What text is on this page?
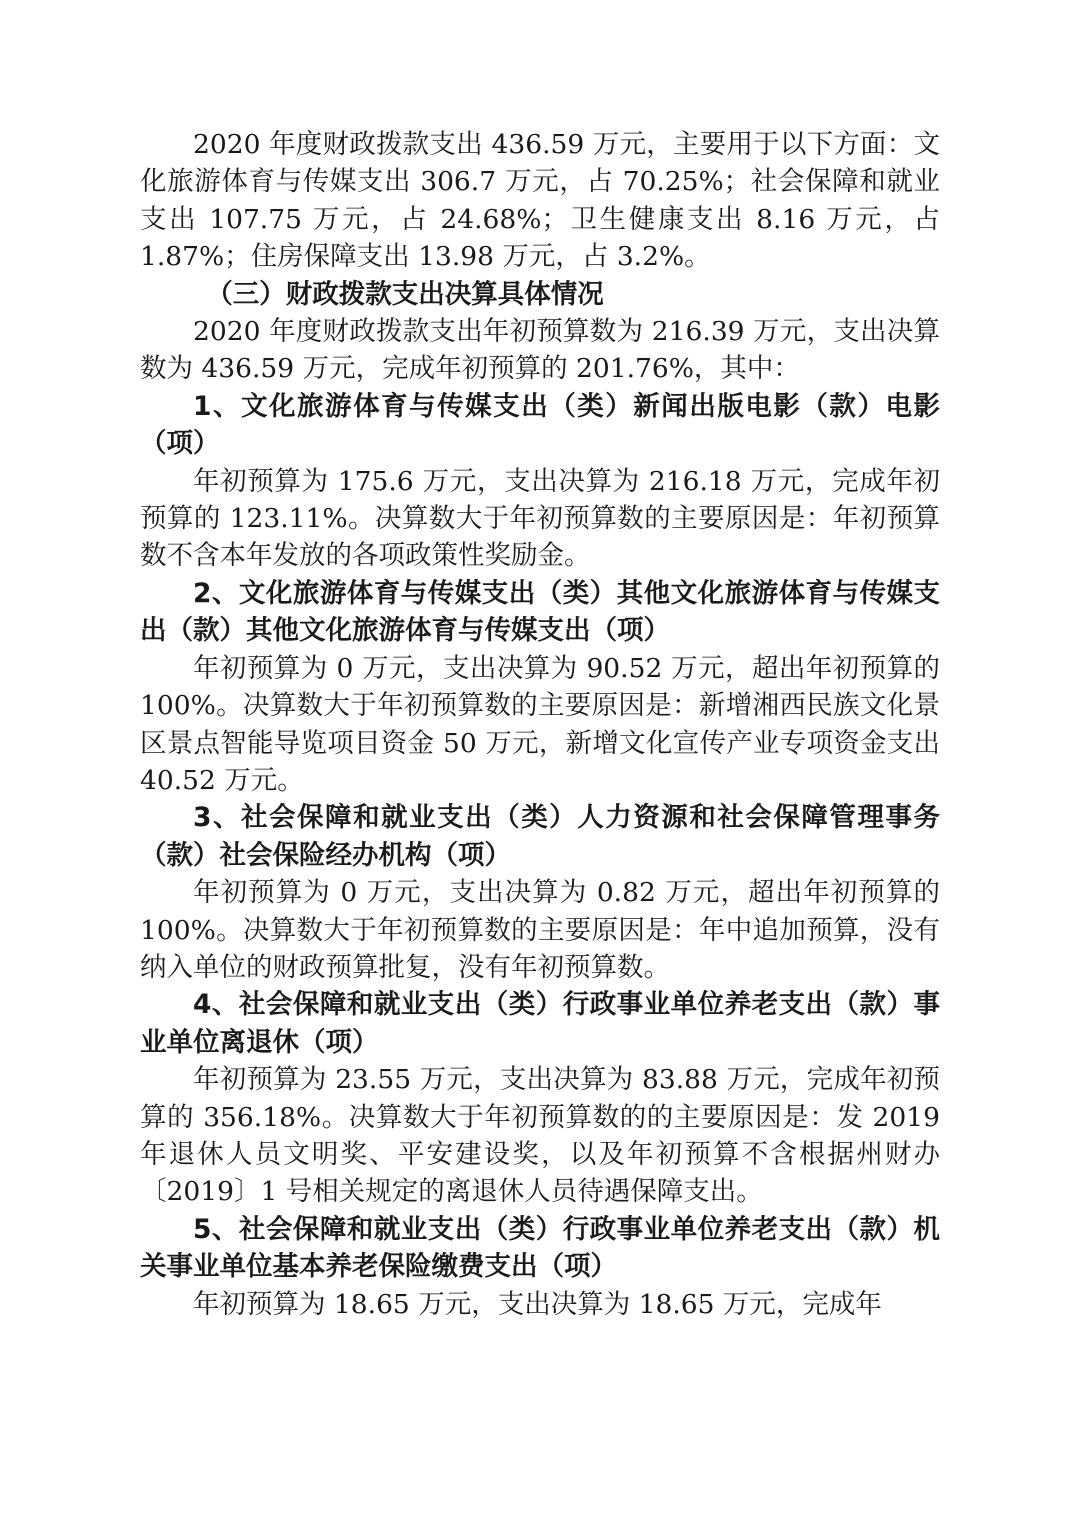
2020 年度财政拨款支出 436.59 万元，主要用于以下方面：文化旅游体育与传媒支出 306.7 万元，占 70.25%；社会保障和就业支出 107.75 万元，占 24.68%；卫生健康支出 8.16 万元，占 1.87%；住房保障支出 13.98 万元，占 3.2%。

（三）财政拨款支出决算具体情况

2020 年度财政拨款支出年初预算数为 216.39 万元，支出决算数为 436.59 万元，完成年初预算的 201.76%，其中：

1、文化旅游体育与传媒支出（类）新闻出版电影（款）电影（项）

年初预算为 175.6 万元，支出决算为 216.18 万元，完成年初预算的 123.11%。决算数大于年初预算数的主要原因是：年初预算数不含本年发放的各项政策性奖励金。

2、文化旅游体育与传媒支出（类）其他文化旅游体育与传媒支出（款）其他文化旅游体育与传媒支出（项）

年初预算为 0 万元，支出决算为 90.52 万元，超出年初预算的 100%。决算数大于年初预算数的主要原因是：新增湘西民族文化景区景点智能导览项目资金 50 万元，新增文化宣传产业专项资金支出 40.52 万元。

3、社会保障和就业支出（类）人力资源和社会保障管理事务（款）社会保险经办机构（项）

年初预算为 0 万元，支出决算为 0.82 万元，超出年初预算的 100%。决算数大于年初预算数的主要原因是：年中追加预算，没有纳入单位的财政预算批复，没有年初预算数。

4、社会保障和就业支出（类）行政事业单位养老支出（款）事业单位离退休（项）

年初预算为 23.55 万元，支出决算为 83.88 万元，完成年初预算的 356.18%。决算数大于年初预算数的的主要原因是：发 2019 年退休人员文明奖、平安建设奖，以及年初预算不含根据州财办〔2019〕1 号相关规定的离退休人员待遇保障支出。

5、社会保障和就业支出（类）行政事业单位养老支出（款）机关事业单位基本养老保险缴费支出（项）

年初预算为 18.65 万元，支出决算为 18.65 万元，完成年
